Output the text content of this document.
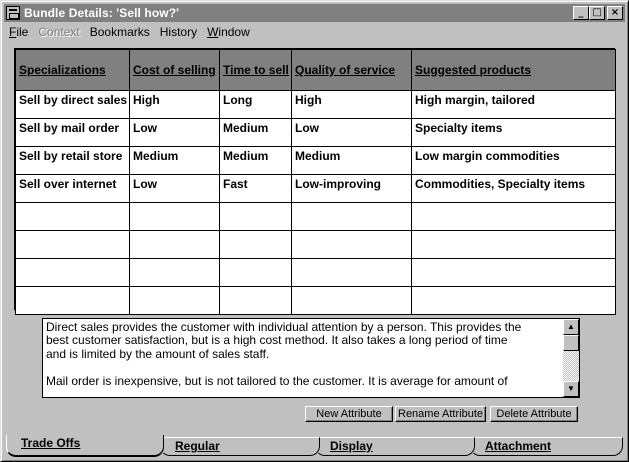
Bundle Details: 'Sell how?'	_ □ ×
File Context Bookmarks History Window
Specializations	Cost of selling	Time to sell	Quality of service	Suggested products
Sell by direct sales	High	Long	High	High margin, tailored
Sell by mail order	Low	Medium	Low	Specialty items
Sell by retail store	Medium	Medium	Medium	Low margin commodities
Sell over internet	Low	Fast	Low-improving	Commodities, Specialty items

Direct sales provides the customer with individual attention by a person. This provides the
best customer satisfaction, but is a high cost method. It also takes a long period of time
and is limited by the amount of sales staff.

Mail order is inexpensive, but is not tailored to the customer. It is average for amount of
▲
▼
New Attribute	Rename Attribute	Delete Attribute
Attachment
Display
Regular
Trade Offs
